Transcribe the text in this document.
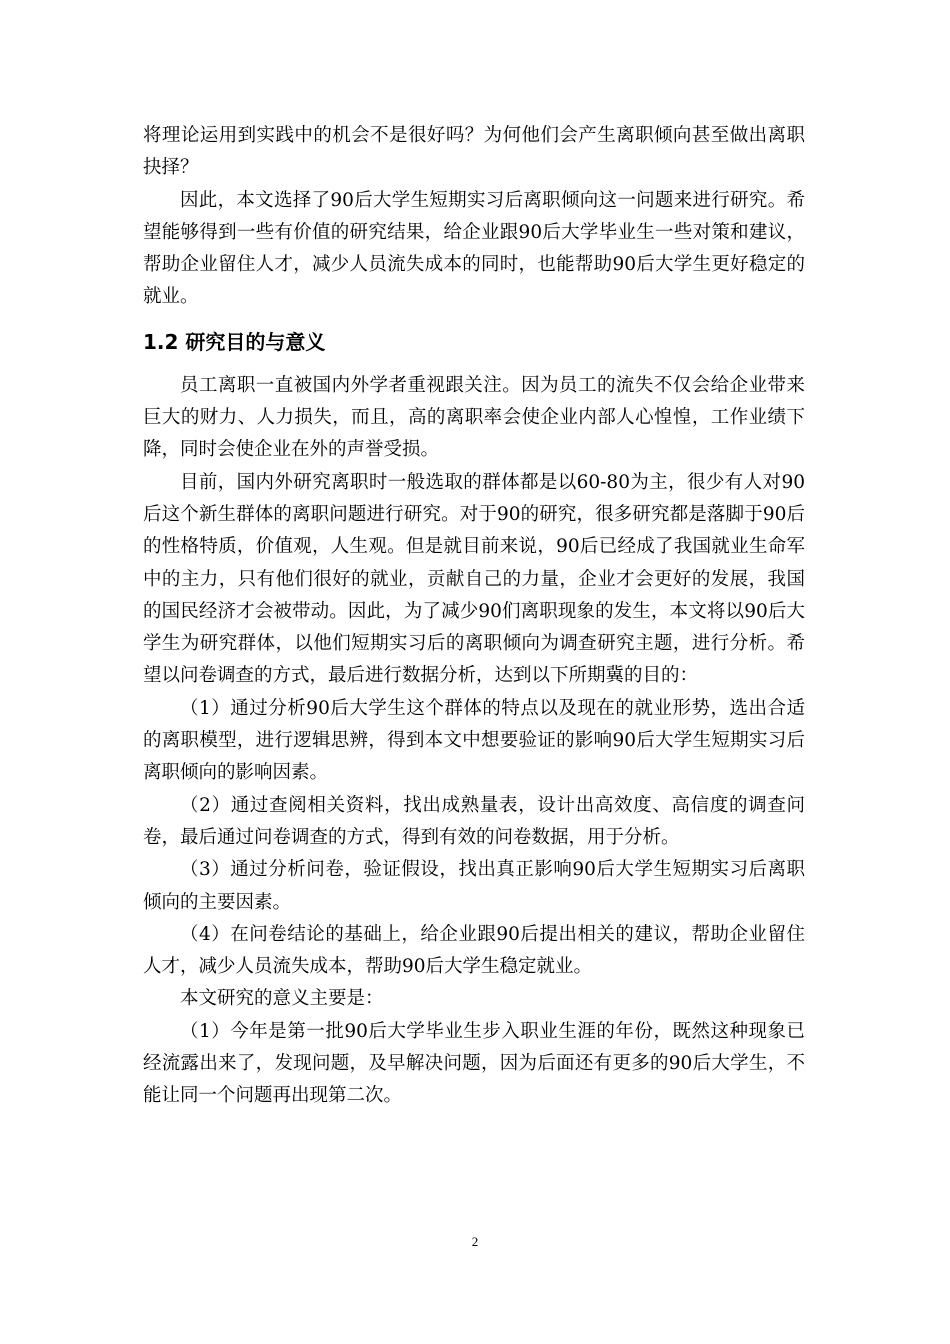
将理论运用到实践中的机会不是很好吗？为何他们会产生离职倾向甚至做出离职抉择？

因此，本文选择了90后大学生短期实习后离职倾向这一问题来进行研究。希望能够得到一些有价值的研究结果，给企业跟90后大学毕业生一些对策和建议，帮助企业留住人才，减少人员流失成本的同时，也能帮助90后大学生更好稳定的就业。

1.2 研究目的与意义

员工离职一直被国内外学者重视跟关注。因为员工的流失不仅会给企业带来巨大的财力、人力损失，而且，高的离职率会使企业内部人心惶惶，工作业绩下降，同时会使企业在外的声誉受损。

目前，国内外研究离职时一般选取的群体都是以60-80为主，很少有人对90后这个新生群体的离职问题进行研究。对于90的研究，很多研究都是落脚于90后的性格特质，价值观，人生观。但是就目前来说，90后已经成了我国就业生命军中的主力，只有他们很好的就业，贡献自己的力量，企业才会更好的发展，我国的国民经济才会被带动。因此，为了减少90们离职现象的发生，本文将以90后大学生为研究群体，以他们短期实习后的离职倾向为调查研究主题，进行分析。希望以问卷调查的方式，最后进行数据分析，达到以下所期冀的目的：

（1）通过分析90后大学生这个群体的特点以及现在的就业形势，选出合适的离职模型，进行逻辑思辨，得到本文中想要验证的影响90后大学生短期实习后离职倾向的影响因素。

（2）通过查阅相关资料，找出成熟量表，设计出高效度、高信度的调查问卷，最后通过问卷调查的方式，得到有效的问卷数据，用于分析。

（3）通过分析问卷，验证假设，找出真正影响90后大学生短期实习后离职倾向的主要因素。

（4）在问卷结论的基础上，给企业跟90后提出相关的建议，帮助企业留住人才，减少人员流失成本，帮助90后大学生稳定就业。

本文研究的意义主要是：

（1）今年是第一批90后大学毕业生步入职业生涯的年份，既然这种现象已经流露出来了，发现问题，及早解决问题，因为后面还有更多的90后大学生，不能让同一个问题再出现第二次。

2
